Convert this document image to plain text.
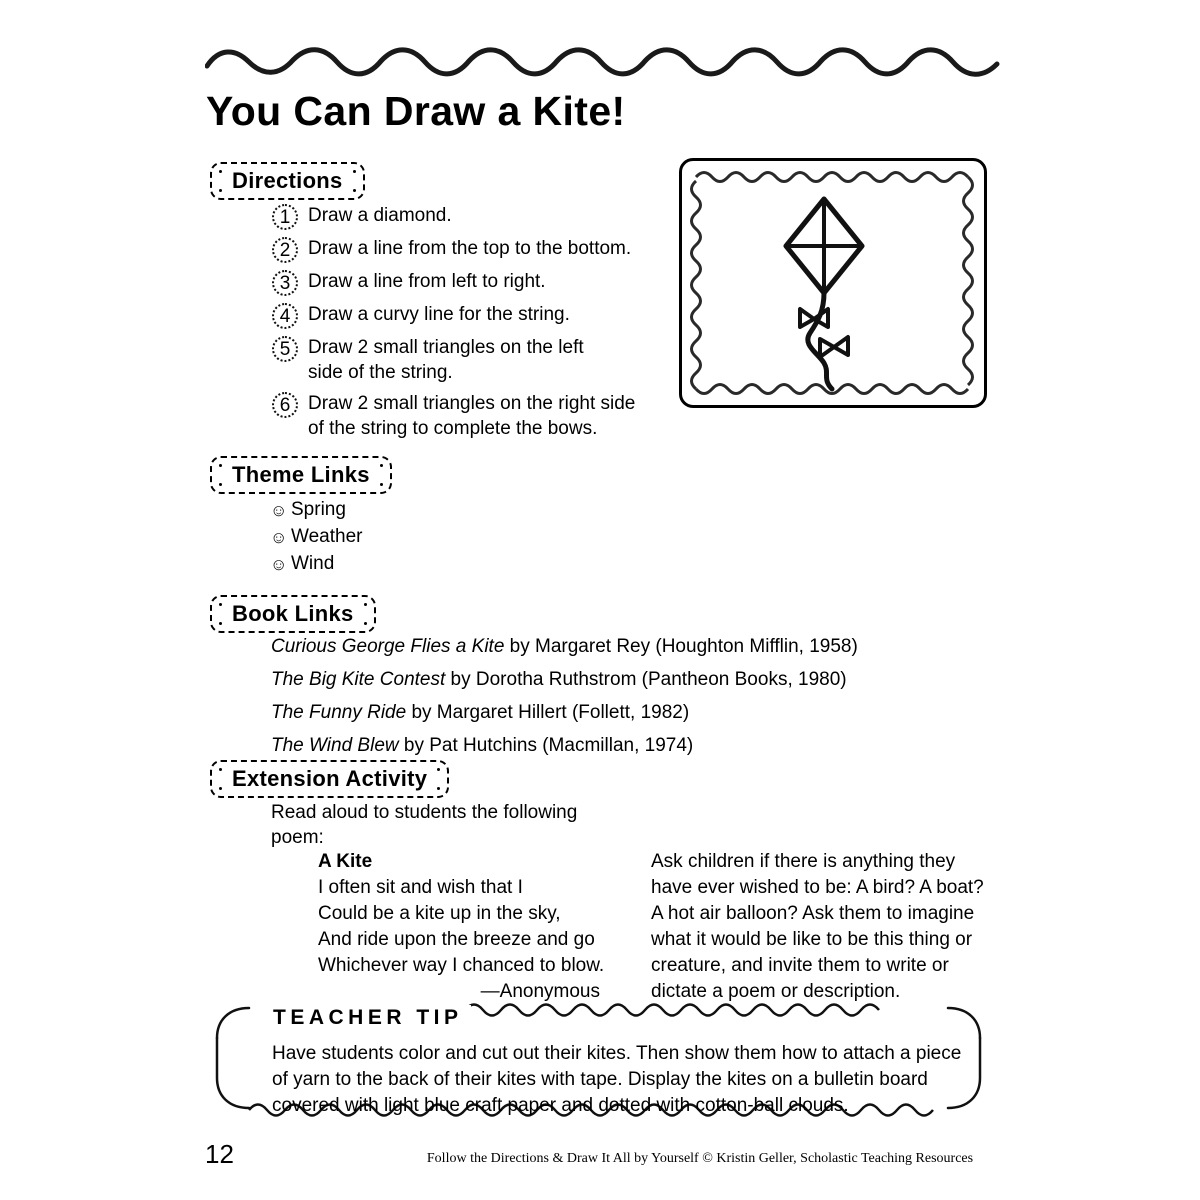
You Can Draw a Kite!
Directions
1 Draw a diamond.
2 Draw a line from the top to the bottom.
3 Draw a line from left to right.
4 Draw a curvy line for the string.
5 Draw 2 small triangles on the left side of the string.
6 Draw 2 small triangles on the right side of the string to complete the bows.
Theme Links
☺ Spring
☺ Weather
☺ Wind
Book Links
Curious George Flies a Kite by Margaret Rey (Houghton Mifflin, 1958)
The Big Kite Contest by Dorotha Ruthstrom (Pantheon Books, 1980)
The Funny Ride by Margaret Hillert (Follett, 1982)
The Wind Blew by Pat Hutchins (Macmillan, 1974)
Extension Activity
Read aloud to students the following poem:
A Kite
I often sit and wish that I
Could be a kite up in the sky,
And ride upon the breeze and go
Whichever way I chanced to blow.
—Anonymous
Ask children if there is anything they have ever wished to be: A bird? A boat? A hot air balloon? Ask them to imagine what it would be like to be this thing or creature, and invite them to write or dictate a poem or description.
TEACHER TIP
Have students color and cut out their kites. Then show them how to attach a piece of yarn to the back of their kites with tape. Display the kites on a bulletin board covered with light blue craft paper and dotted with cotton-ball clouds.
12	Follow the Directions & Draw It All by Yourself © Kristin Geller, Scholastic Teaching Resources
